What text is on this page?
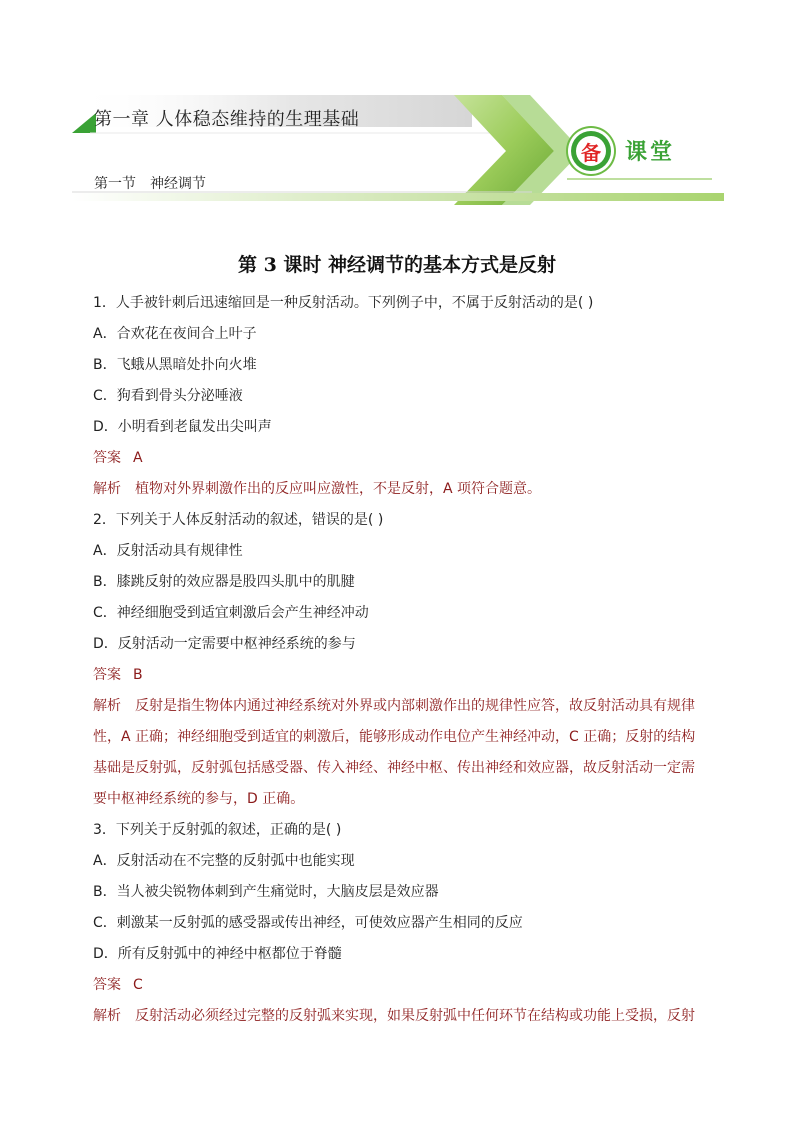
第一章 人体稳态维持的生理基础
第一节 神经调节
备 课堂
第 3 课时 神经调节的基本方式是反射
1．人手被针刺后迅速缩回是一种反射活动。下列例子中，不属于反射活动的是( )
A．合欢花在夜间合上叶子
B．飞蛾从黑暗处扑向火堆
C．狗看到骨头分泌唾液
D．小明看到老鼠发出尖叫声
答案 A
解析 植物对外界刺激作出的反应叫应激性，不是反射，A 项符合题意。
2．下列关于人体反射活动的叙述，错误的是( )
A．反射活动具有规律性
B．膝跳反射的效应器是股四头肌中的肌腱
C．神经细胞受到适宜刺激后会产生神经冲动
D．反射活动一定需要中枢神经系统的参与
答案 B
解析 反射是指生物体内通过神经系统对外界或内部刺激作出的规律性应答，故反射活动具有规律
性，A 正确；神经细胞受到适宜的刺激后，能够形成动作电位产生神经冲动，C 正确；反射的结构
基础是反射弧，反射弧包括感受器、传入神经、神经中枢、传出神经和效应器，故反射活动一定需
要中枢神经系统的参与，D 正确。
3．下列关于反射弧的叙述，正确的是( )
A．反射活动在不完整的反射弧中也能实现
B．当人被尖锐物体刺到产生痛觉时，大脑皮层是效应器
C．刺激某一反射弧的感受器或传出神经，可使效应器产生相同的反应
D．所有反射弧中的神经中枢都位于脊髓
答案 C
解析 反射活动必须经过完整的反射弧来实现，如果反射弧中任何环节在结构或功能上受损，反射
